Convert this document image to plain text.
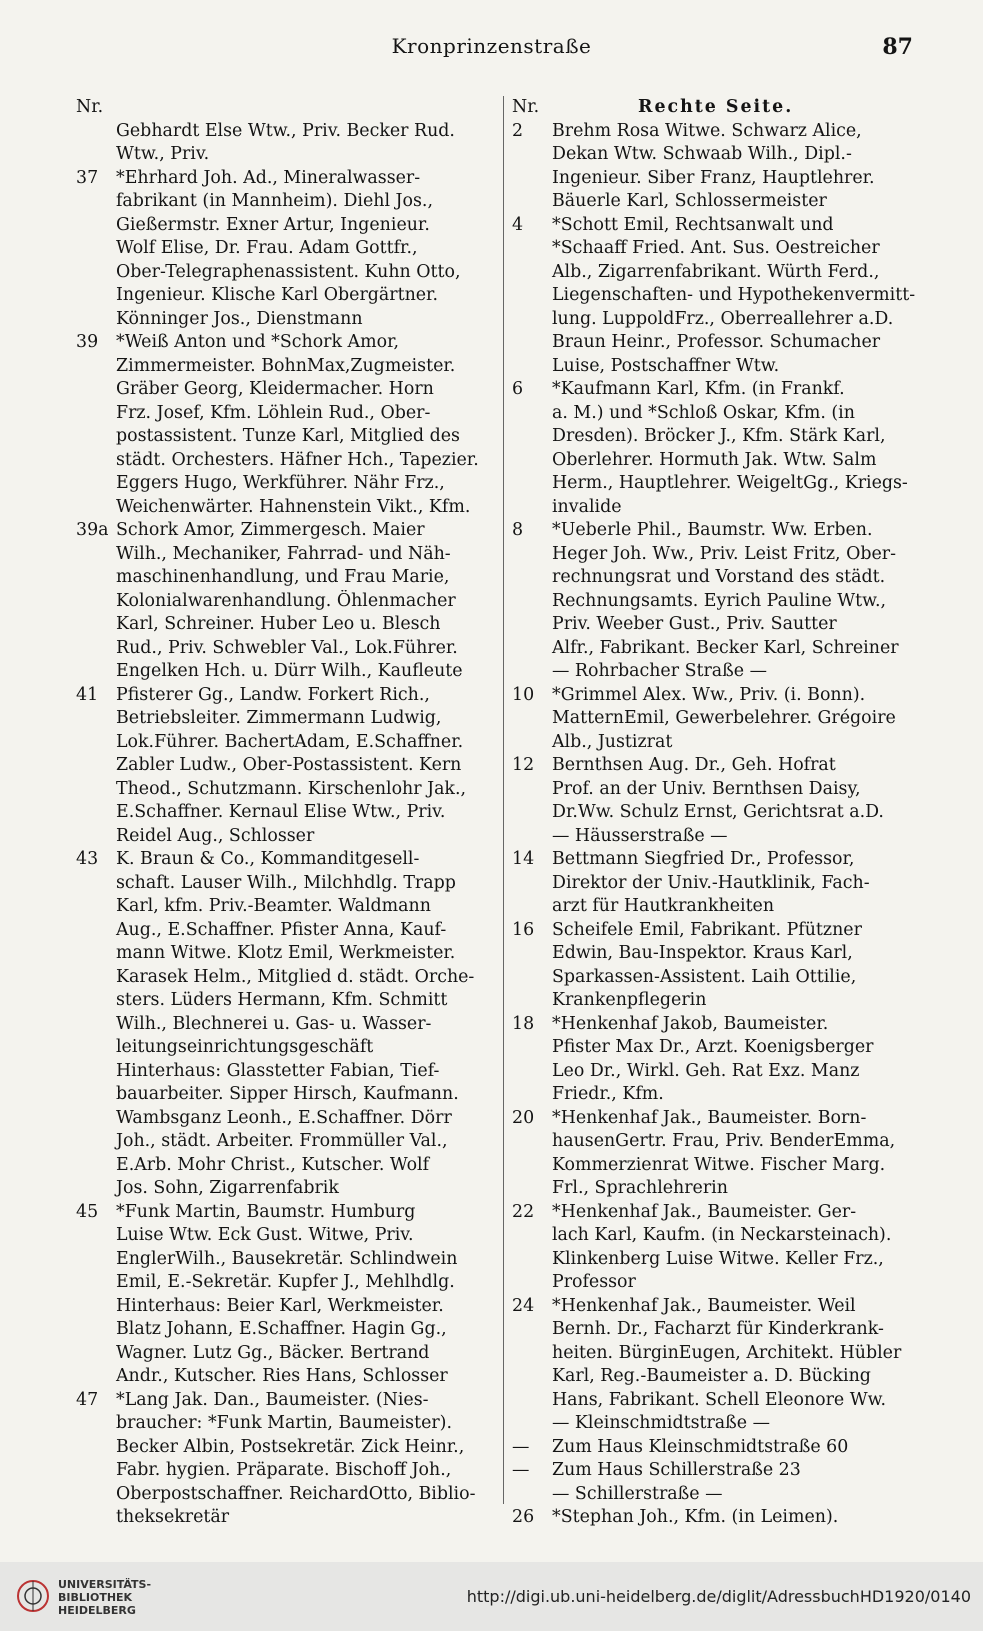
Kronprinzenstraße	87
Nr.
Gebhardt Else Wtw., Priv. Becker Rud.
Wtw., Priv.
37 *Ehrhard Joh. Ad., Mineralwasser-
fabrikant (in Mannheim). Diehl Jos.,
Gießermstr. Exner Artur, Ingenieur.
Wolf Elise, Dr. Frau. Adam Gottfr.,
Ober-Telegraphenassistent. Kuhn Otto,
Ingenieur. Klische Karl Obergärtner.
Könninger Jos., Dienstmann
39 *Weiß Anton und *Schork Amor,
Zimmermeister. BohnMax,Zugmeister.
Gräber Georg, Kleidermacher. Horn
Frz. Josef, Kfm. Löhlein Rud., Ober-
postassistent. Tunze Karl, Mitglied des
städt. Orchesters. Häfner Hch., Tapezier.
Eggers Hugo, Werkführer. Nähr Frz.,
Weichenwärter. Hahnenstein Vikt., Kfm.
39a Schork Amor, Zimmergesch. Maier
Wilh., Mechaniker, Fahrrad- und Näh-
maschinenhandlung, und Frau Marie,
Kolonialwarenhandlung. Öhlenmacher
Karl, Schreiner. Huber Leo u. Blesch
Rud., Priv. Schwebler Val., Lok.Führer.
Engelken Hch. u. Dürr Wilh., Kaufleute
41 Pfisterer Gg., Landw. Forkert Rich.,
Betriebsleiter. Zimmermann Ludwig,
Lok.Führer. BachertAdam, E.Schaffner.
Zabler Ludw., Ober-Postassistent. Kern
Theod., Schutzmann. Kirschenlohr Jak.,
E.Schaffner. Kernaul Elise Wtw., Priv.
Reidel Aug., Schlosser
43 K. Braun & Co., Kommanditgesell-
schaft. Lauser Wilh., Milchhdlg. Trapp
Karl, kfm. Priv.-Beamter. Waldmann
Aug., E.Schaffner. Pfister Anna, Kauf-
mann Witwe. Klotz Emil, Werkmeister.
Karasek Helm., Mitglied d. städt. Orche-
sters. Lüders Hermann, Kfm. Schmitt
Wilh., Blechnerei u. Gas- u. Wasser-
leitungseinrichtungsgeschäft
Hinterhaus: Glasstetter Fabian, Tief-
bauarbeiter. Sipper Hirsch, Kaufmann.
Wambsganz Leonh., E.Schaffner. Dörr
Joh., städt. Arbeiter. Frommüller Val.,
E.Arb. Mohr Christ., Kutscher. Wolf
Jos. Sohn, Zigarrenfabrik
45 *Funk Martin, Baumstr. Humburg
Luise Wtw. Eck Gust. Witwe, Priv.
EnglerWilh., Bausekretär. Schlindwein
Emil, E.-Sekretär. Kupfer J., Mehlhdlg.
Hinterhaus: Beier Karl, Werkmeister.
Blatz Johann, E.Schaffner. Hagin Gg.,
Wagner. Lutz Gg., Bäcker. Bertrand
Andr., Kutscher. Ries Hans, Schlosser
47 *Lang Jak. Dan., Baumeister. (Nies-
braucher: *Funk Martin, Baumeister).
Becker Albin, Postsekretär. Zick Heinr.,
Fabr. hygien. Präparate. Bischoff Joh.,
Oberpostschaffner. ReichardOtto, Biblio-
theksekretär
Nr.	Rechte Seite.
2 Brehm Rosa Witwe. Schwarz Alice,
Dekan Wtw. Schwaab Wilh., Dipl.-
Ingenieur. Siber Franz, Hauptlehrer.
Bäuerle Karl, Schlossermeister
4 *Schott Emil, Rechtsanwalt und
*Schaaff Fried. Ant. Sus. Oestreicher
Alb., Zigarrenfabrikant. Würth Ferd.,
Liegenschaften- und Hypothekenvermitt-
lung. LuppoldFrz., Oberreallehrer a.D.
Braun Heinr., Professor. Schumacher
Luise, Postschaffner Wtw.
6 *Kaufmann Karl, Kfm. (in Frankf.
a. M.) und *Schloß Oskar, Kfm. (in
Dresden). Bröcker J., Kfm. Stärk Karl,
Oberlehrer. Hormuth Jak. Wtw. Salm
Herm., Hauptlehrer. WeigeltGg., Kriegs-
invalide
8 *Ueberle Phil., Baumstr. Ww. Erben.
Heger Joh. Ww., Priv. Leist Fritz, Ober-
rechnungsrat und Vorstand des städt.
Rechnungsamts. Eyrich Pauline Wtw.,
Priv. Weeber Gust., Priv. Sautter
Alfr., Fabrikant. Becker Karl, Schreiner
— Rohrbacher Straße —
10 *Grimmel Alex. Ww., Priv. (i. Bonn).
MatternEmil, Gewerbelehrer. Grégoire
Alb., Justizrat
12 Bernthsen Aug. Dr., Geh. Hofrat
Prof. an der Univ. Bernthsen Daisy,
Dr.Ww. Schulz Ernst, Gerichtsrat a.D.
— Häusserstraße —
14 Bettmann Siegfried Dr., Professor,
Direktor der Univ.-Hautklinik, Fach-
arzt für Hautkrankheiten
16 Scheifele Emil, Fabrikant. Pfützner
Edwin, Bau-Inspektor. Kraus Karl,
Sparkassen-Assistent. Laih Ottilie,
Krankenpflegerin
18 *Henkenhaf Jakob, Baumeister.
Pfister Max Dr., Arzt. Koenigsberger
Leo Dr., Wirkl. Geh. Rat Exz. Manz
Friedr., Kfm.
20 *Henkenhaf Jak., Baumeister. Born-
hausenGertr. Frau, Priv. BenderEmma,
Kommerzienrat Witwe. Fischer Marg.
Frl., Sprachlehrerin
22 *Henkenhaf Jak., Baumeister. Ger-
lach Karl, Kaufm. (in Neckarsteinach).
Klinkenberg Luise Witwe. Keller Frz.,
Professor
24 *Henkenhaf Jak., Baumeister. Weil
Bernh. Dr., Facharzt für Kinderkrank-
heiten. BürginEugen, Architekt. Hübler
Karl, Reg.-Baumeister a. D. Bücking
Hans, Fabrikant. Schell Eleonore Ww.
— Kleinschmidtstraße —
— Zum Haus Kleinschmidtstraße 60
— Zum Haus Schillerstraße 23
— Schillerstraße —
26 *Stephan Joh., Kfm. (in Leimen).
UNIVERSITÄTS-
BIBLIOTHEK
HEIDELBERG
http://digi.ub.uni-heidelberg.de/diglit/AdressbuchHD1920/0140
